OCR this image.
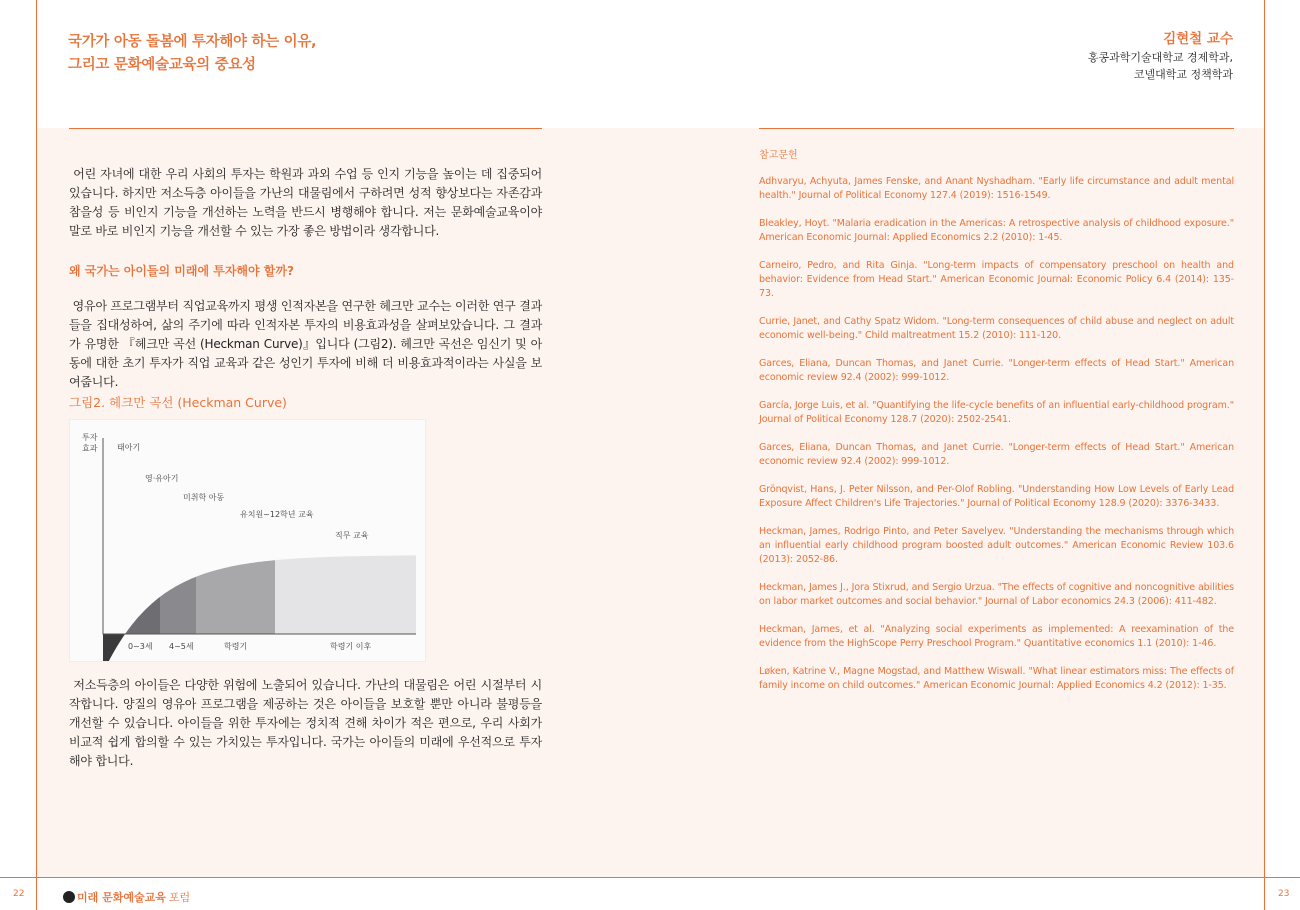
국가가 아동 돌봄에 투자해야 하는 이유,
그리고 문화예술교육의 중요성
김현철 교수
홍콩과학기술대학교 경제학과,
코넬대학교 정책학과
어린 자녀에 대한 우리 사회의 투자는 학원과 과외 수업 등 인지 기능을 높이는 데 집중되어 있습니다. 하지만 저소득층 아이들을 가난의 대물림에서 구하려면 성적 향상보다는 자존감과 참을성 등 비인지 기능을 개선하는 노력을 반드시 병행해야 합니다. 저는 문화예술교육이야 말로 바로 비인지 기능을 개선할 수 있는 가장 좋은 방법이라 생각합니다.
왜 국가는 아이들의 미래에 투자해야 할까?
영유아 프로그램부터 직업교육까지 평생 인적자본을 연구한 헤크만 교수는 이러한 연구 결과들을 집대성하여, 삶의 주기에 따라 인적자본 투자의 비용효과성을 살펴보았습니다. 그 결과가 유명한 『헤크만 곡선 (Heckman Curve)』입니다 (그림2). 헤크만 곡선은 임신기 및 아동에 대한 초기 투자가 직업 교육과 같은 성인기 투자에 비해 더 비용효과적이라는 사실을 보여줍니다.
그림2. 헤크만 곡선 (Heckman Curve)
투자
효과 태아기
영·유아기
미취학 아동
유치원~12학년 교육
직무 교육
0~3세 4~5세	학령기	학령기 이후
저소득층의 아이들은 다양한 위험에 노출되어 있습니다. 가난의 대물림은 어린 시절부터 시작합니다. 양질의 영유아 프로그램을 제공하는 것은 아이들을 보호할 뿐만 아니라 불평등을 개선할 수 있습니다. 아이들을 위한 투자에는 정치적 견해 차이가 적은 편으로, 우리 사회가 비교적 쉽게 합의할 수 있는 가치있는 투자입니다. 국가는 아이들의 미래에 우선적으로 투자해야 합니다.
참고문헌
Adhvaryu, Achyuta, James Fenske, and Anant Nyshadham. "Early life circumstance and adult mental health." Journal of Political Economy 127.4 (2019): 1516-1549.
Bleakley, Hoyt. "Malaria eradication in the Americas: A retrospective analysis of childhood exposure." American Economic Journal: Applied Economics 2.2 (2010): 1-45.
Carneiro, Pedro, and Rita Ginja. "Long-term impacts of compensatory preschool on health and behavior: Evidence from Head Start." American Economic Journal: Economic Policy 6.4 (2014): 135-73.
Currie, Janet, and Cathy Spatz Widom. "Long-term consequences of child abuse and neglect on adult economic well-being." Child maltreatment 15.2 (2010): 111-120.
Garces, Eliana, Duncan Thomas, and Janet Currie. "Longer-term effects of Head Start." American economic review 92.4 (2002): 999-1012.
García, Jorge Luis, et al. "Quantifying the life-cycle benefits of an influential early-childhood program." Journal of Political Economy 128.7 (2020): 2502-2541.
Garces, Eliana, Duncan Thomas, and Janet Currie. "Longer-term effects of Head Start." American economic review 92.4 (2002): 999-1012.
Grönqvist, Hans, J. Peter Nilsson, and Per-Olof Robling. "Understanding How Low Levels of Early Lead Exposure Affect Children's Life Trajectories." Journal of Political Economy 128.9 (2020): 3376-3433.
Heckman, James, Rodrigo Pinto, and Peter Savelyev. "Understanding the mechanisms through which an influential early childhood program boosted adult outcomes." American Economic Review 103.6 (2013): 2052-86.
Heckman, James J., Jora Stixrud, and Sergio Urzua. "The effects of cognitive and noncognitive abilities on labor market outcomes and social behavior." Journal of Labor economics 24.3 (2006): 411-482.
Heckman, James, et al. "Analyzing social experiments as implemented: A reexamination of the evidence from the HighScope Perry Preschool Program." Quantitative economics 1.1 (2010): 1-46.
Løken, Katrine V., Magne Mogstad, and Matthew Wiswall. "What linear estimators miss: The effects of family income on child outcomes." American Economic Journal: Applied Economics 4.2 (2012): 1-35.
22	23
미래 문화예술교육 포럼
